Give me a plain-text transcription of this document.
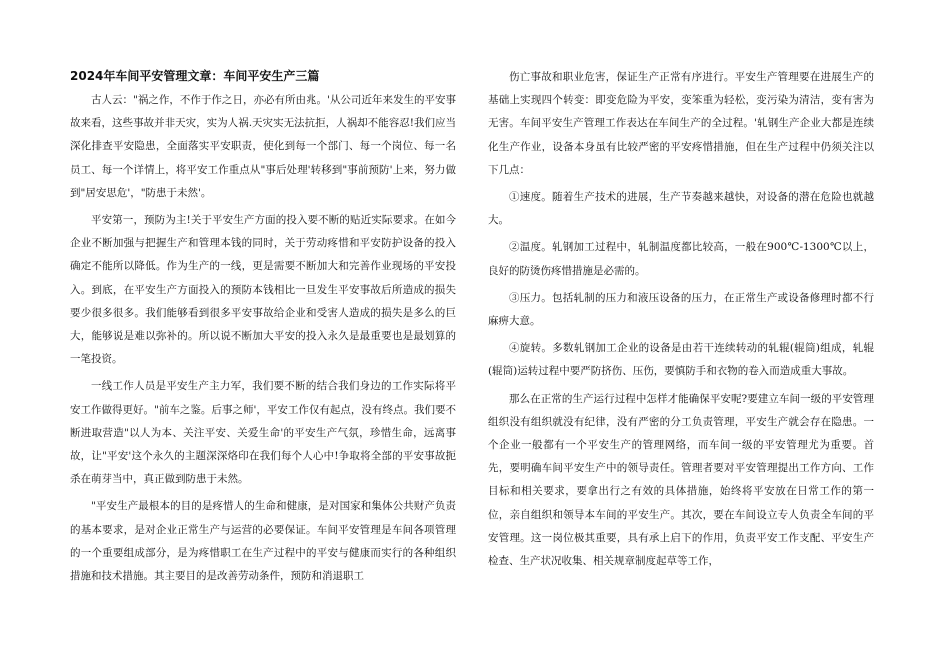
2024年车间平安管理文章：车间平安生产三篇

古人云："祸之作，不作于作之日，亦必有所由兆。'从公司近年来发生的平安事故来看，这些事故并非天灾，实为人祸.天灾实无法抗拒，人祸却不能容忍!我们应当深化排查平安隐患，全面落实平安职责，使化到每一个部门、每一个岗位、每一名员工、每一个详情上，将平安工作重点从"事后处理'转移到"事前预防'上来，努力做到"居安思危'，"防患于未然'。

平安第一，预防为主!关于平安生产方面的投入要不断的贴近实际要求。在如今企业不断加强与把握生产和管理本钱的同时，关于劳动疼惜和平安防护设备的投入确定不能所以降低。作为生产的一线，更是需要不断加大和完善作业现场的平安投入。到底，在平安生产方面投入的预防本钱相比一旦发生平安事故后所造成的损失要少很多很多。我们能够看到很多平安事故给企业和受害人造成的损失是多么的巨大，能够说是难以弥补的。所以说不断加大平安的投入永久是最重要也是最划算的一笔投资。

一线工作人员是平安生产主力军，我们要不断的结合我们身边的工作实际将平安工作做得更好。"前车之鉴。后事之师'，平安工作仅有起点，没有终点。我们要不断进取营造"以人为本、关注平安、关爱生命'的平安生产气氛，珍惜生命，远离事故，让"平安'这个永久的主题深深烙印在我们每个人心中!争取将全部的平安事故扼杀在萌芽当中，真正做到防患于未然。

"平安生产最根本的目的是疼惜人的生命和健康，是对国家和集体公共财产负责的基本要求，是对企业正常生产与运营的必要保证。车间平安管理是车间各项管理的一个重要组成部分，是为疼惜职工在生产过程中的平安与健康而实行的各种组织措施和技术措施。其主要目的是改善劳动条件，预防和消退职工

伤亡事故和职业危害，保证生产正常有序进行。平安生产管理要在进展生产的基础上实现四个转变：即变危险为平安，变笨重为轻松，变污染为清洁，变有害为无害。车间平安生产管理工作表达在车间生产的全过程。'轧钢生产企业大都是连续化生产作业，设备本身虽有比较严密的平安疼惜措施，但在生产过程中仍须关注以下几点：

①速度。随着生产技术的进展，生产节奏越来越快，对设备的潜在危险也就越大。

②温度。轧钢加工过程中，轧制温度都比较高，一般在900℃-1300℃以上，良好的防烫伤疼惜措施是必需的。

③压力。包括轧制的压力和液压设备的压力，在正常生产或设备修理时都不行麻痹大意。

④旋转。多数轧钢加工企业的设备是由若干连续转动的轧辊(辊筒)组成，轧辊(辊筒)运转过程中要严防挤伤、压伤，要慎防手和衣物的卷入而造成重大事故。

那么在正常的生产运行过程中怎样才能确保平安呢?要建立车间一级的平安管理组织没有组织就没有纪律，没有严密的分工负责管理，平安生产就会存在隐患。一个企业一般都有一个平安生产的管理网络，而车间一级的平安管理尤为重要。首先，要明确车间平安生产中的领导责任。管理者要对平安管理提出工作方向、工作目标和相关要求，要拿出行之有效的具体措施，始终将平安放在日常工作的第一位，亲自组织和领导本车间的平安生产。其次，要在车间设立专人负责全车间的平安管理。这一岗位极其重要，具有承上启下的作用，负责平安工作支配、平安生产检查、生产状况收集、相关规章制度起草等工作，
